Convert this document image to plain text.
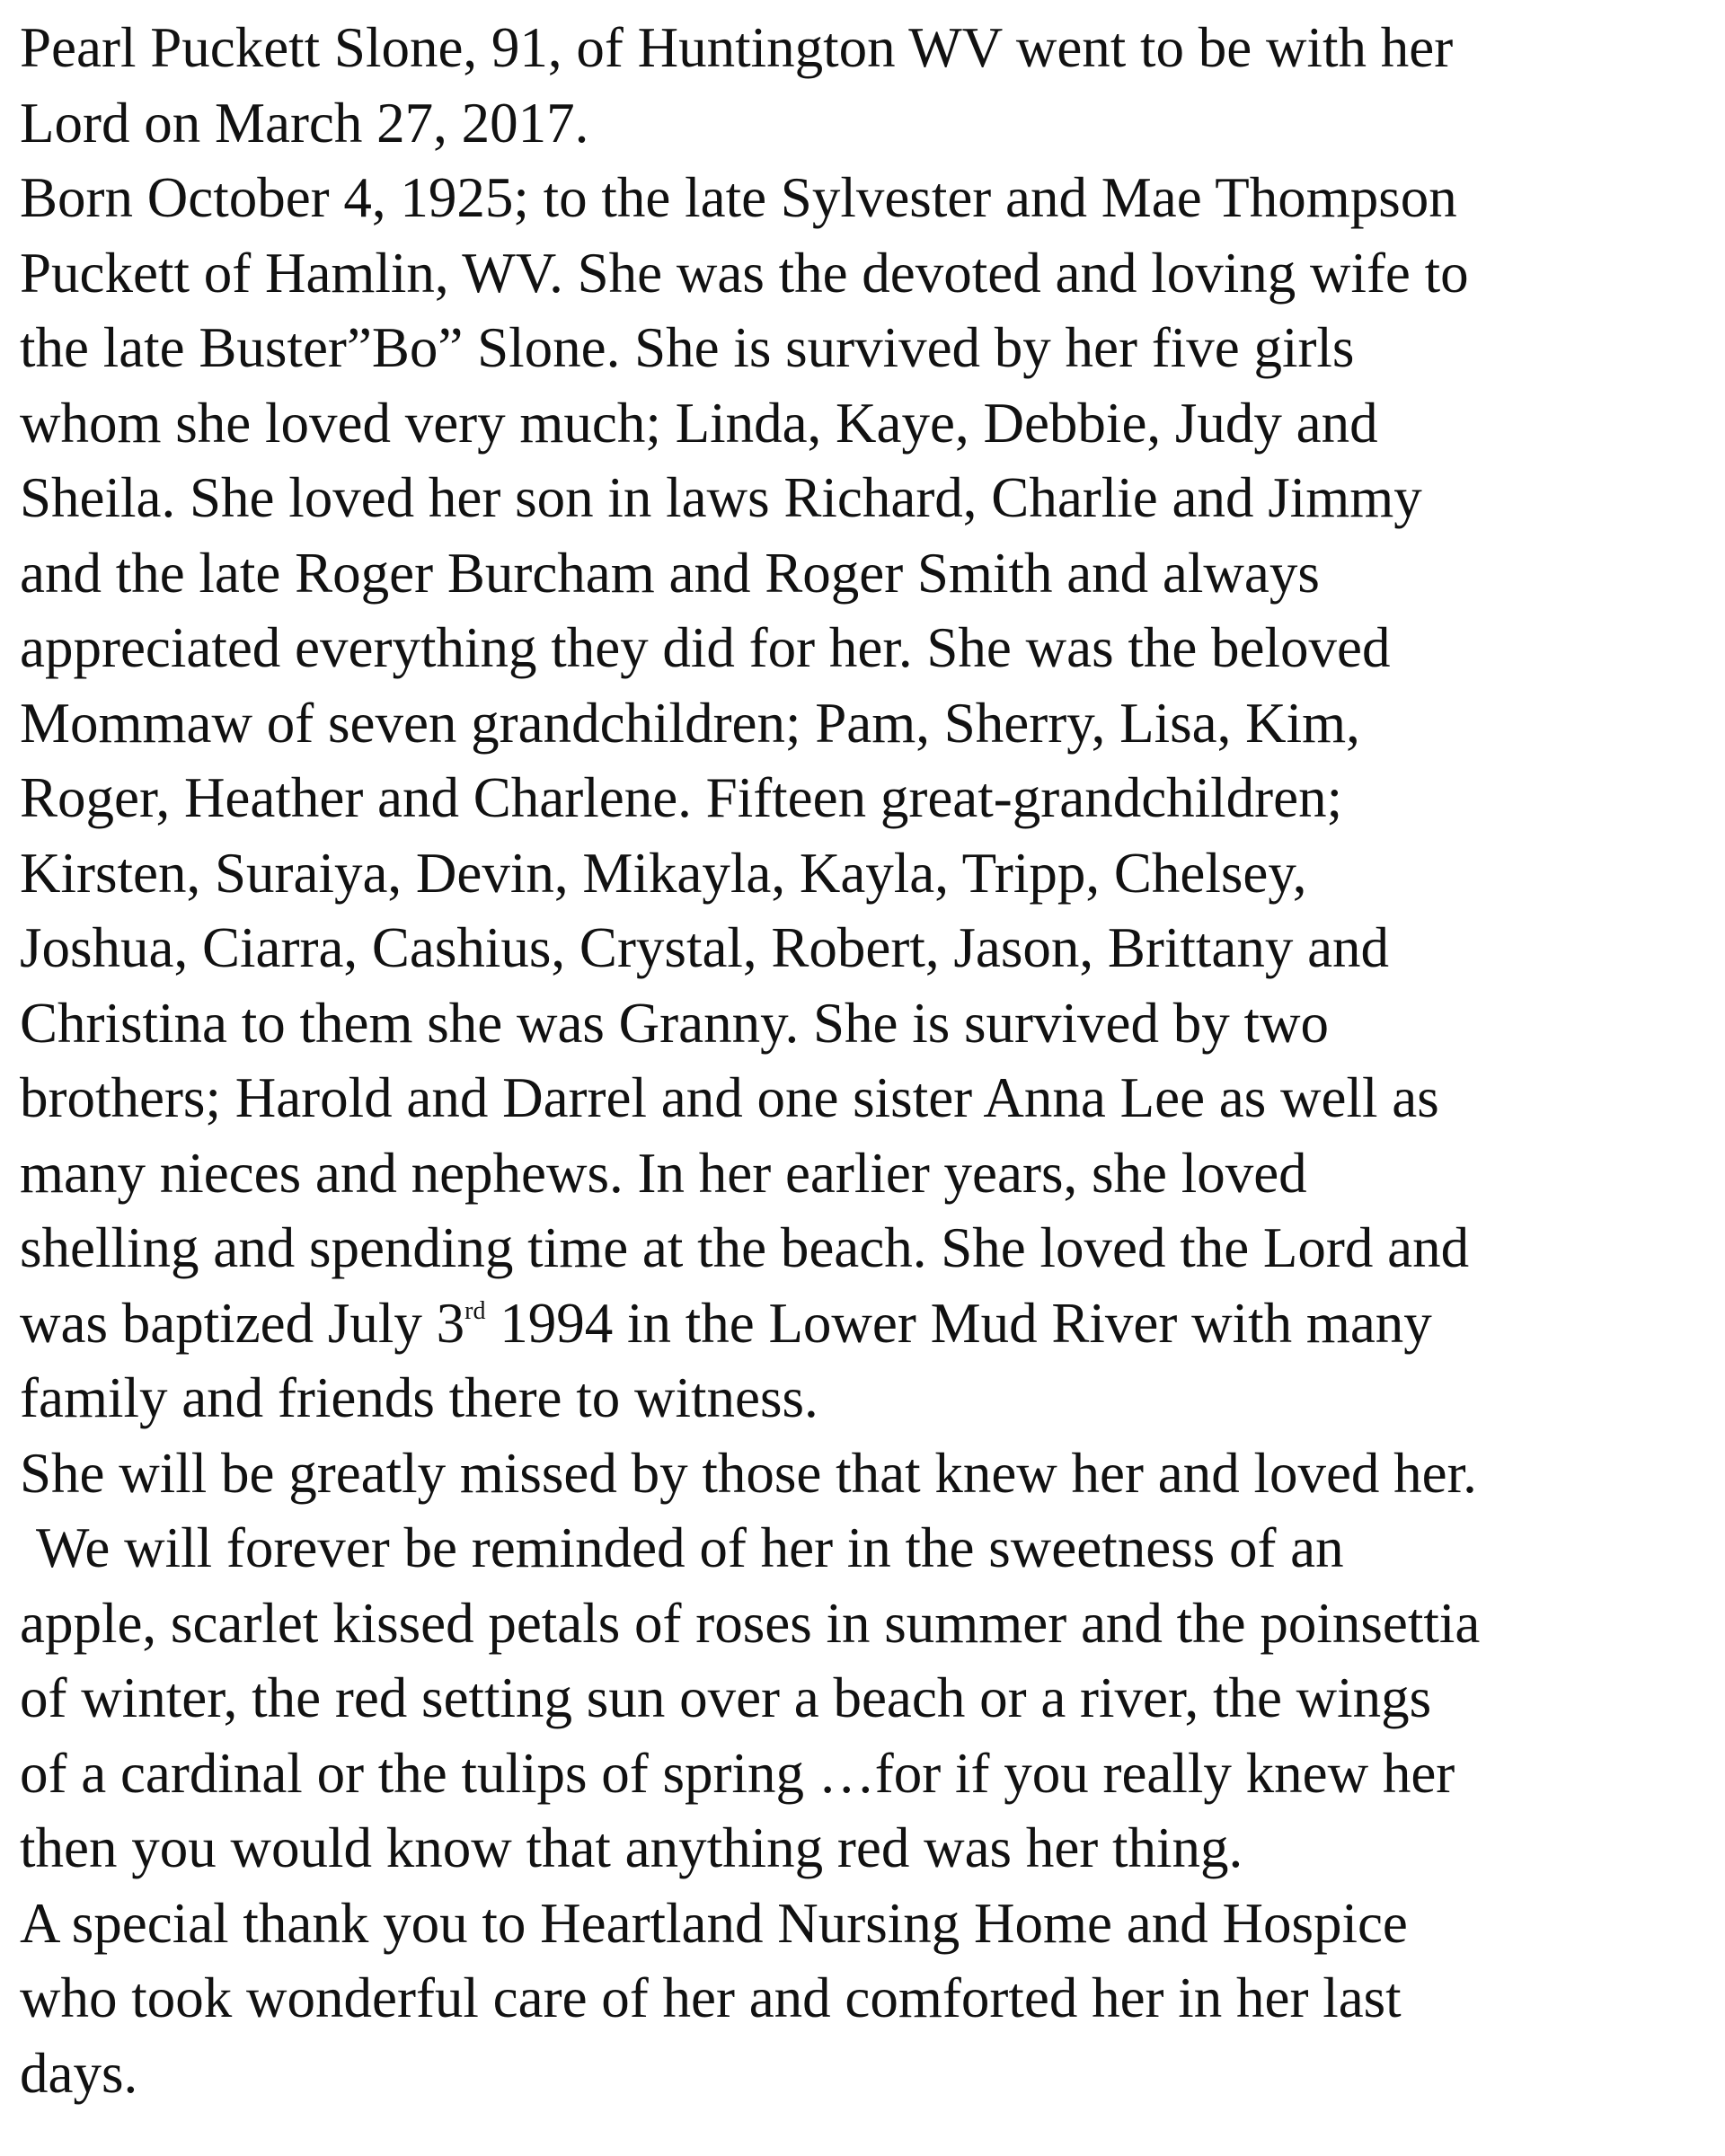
Pearl Puckett Slone, 91, of Huntington WV went to be with her
Lord on March 27, 2017.
Born October 4, 1925; to the late Sylvester and Mae Thompson
Puckett of Hamlin, WV. She was the devoted and loving wife to
the late Buster”Bo” Slone. She is survived by her five girls
whom she loved very much; Linda, Kaye, Debbie, Judy and
Sheila. She loved her son in laws Richard, Charlie and Jimmy
and the late Roger Burcham and Roger Smith and always
appreciated everything they did for her. She was the beloved
Mommaw of seven grandchildren; Pam, Sherry, Lisa, Kim,
Roger, Heather and Charlene. Fifteen great-grandchildren;
Kirsten, Suraiya, Devin, Mikayla, Kayla, Tripp, Chelsey,
Joshua, Ciarra, Cashius, Crystal, Robert, Jason, Brittany and
Christina to them she was Granny. She is survived by two
brothers; Harold and Darrel and one sister Anna Lee as well as
many nieces and nephews. In her earlier years, she loved
shelling and spending time at the beach. She loved the Lord and
was baptized July 3rd 1994 in the Lower Mud River with many
family and friends there to witness.
She will be greatly missed by those that knew her and loved her.
We will forever be reminded of her in the sweetness of an
apple, scarlet kissed petals of roses in summer and the poinsettia
of winter, the red setting sun over a beach or a river, the wings
of a cardinal or the tulips of spring …for if you really knew her
then you would know that anything red was her thing.
A special thank you to Heartland Nursing Home and Hospice
who took wonderful care of her and comforted her in her last
days.
